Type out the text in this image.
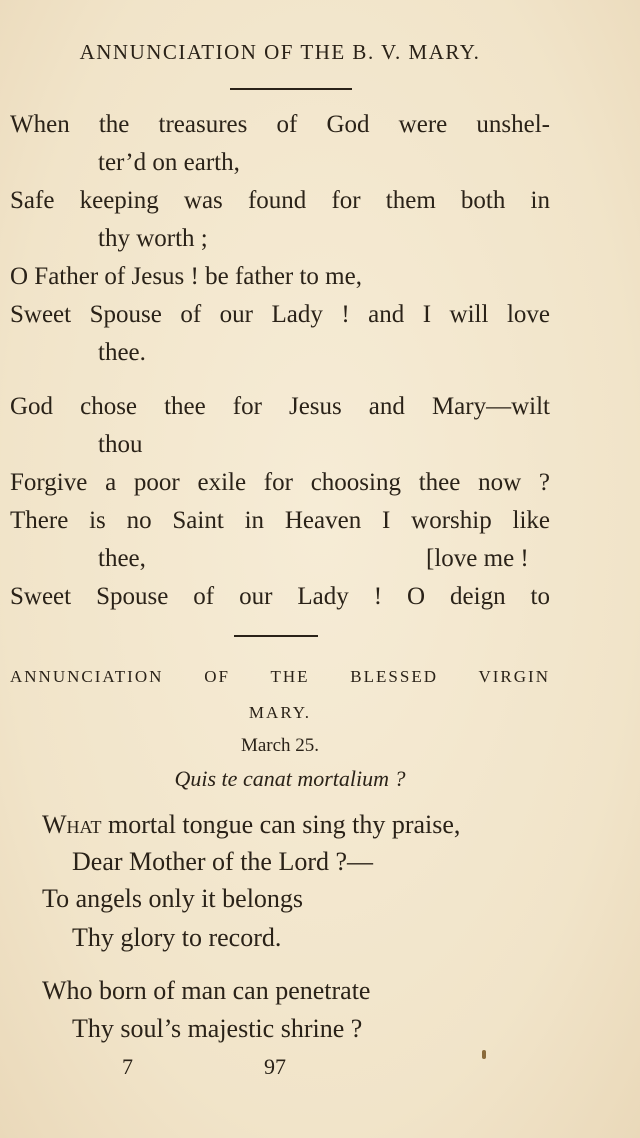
ANNUNCIATION OF THE B. V. MARY.
When the treasures of God were unshel-
ter’d on earth,
Safe keeping was found for them both in
thy worth ;
O Father of Jesus ! be father to me,
Sweet Spouse of our Lady ! and I will love
thee.
God chose thee for Jesus and Mary—wilt
thou
Forgive a poor exile for choosing thee now ?
There is no Saint in Heaven I worship like
thee,	[love me !
Sweet Spouse of our Lady ! O deign to
ANNUNCIATION OF THE BLESSED VIRGIN
MARY.
March 25.
Quis te canat mortalium ?
What mortal tongue can sing thy praise,
Dear Mother of the Lord ?—
To angels only it belongs
Thy glory to record.
Who born of man can penetrate
Thy soul’s majestic shrine ?
7	97
